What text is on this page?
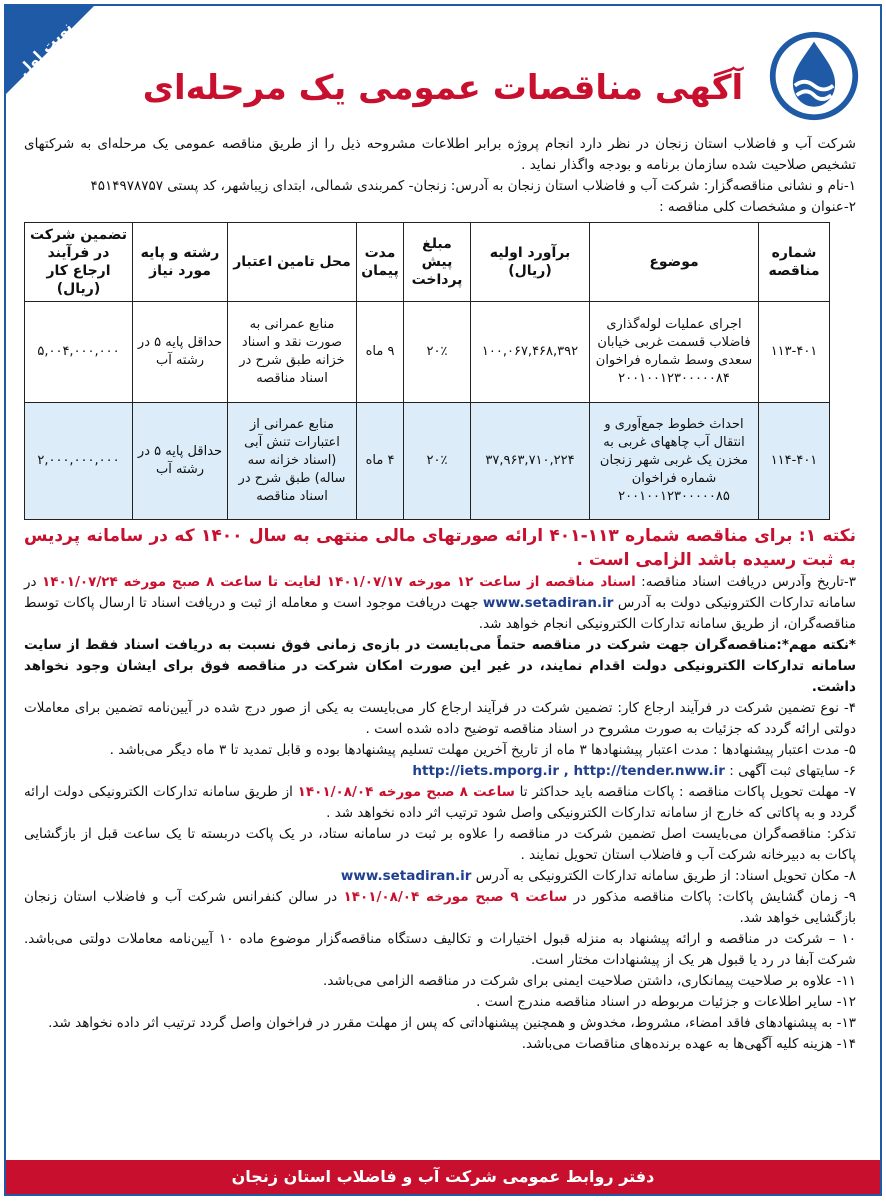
نوبت اول
آگهی مناقصات عمومی یک مرحله‌ای

شرکت آب و فاضلاب استان زنجان در نظر دارد انجام پروژه برابر اطلاعات مشروحه ذیل را از طریق مناقصه عمومی یک مرحله‌ای به شرکتهای تشخیص صلاحیت شده سازمان برنامه و بودجه واگذار نماید .

۱-نام و نشانی مناقصه‌گزار: شرکت آب و فاضلاب استان زنجان به آدرس: زنجان- کمربندی شمالی، ابتدای زیباشهر، کد پستی ۴۵۱۴۹۷۸۷۵۷

۲-عنوان و مشخصات کلی مناقصه :

شماره مناقصه	موضوع	برآورد اولیه (ریال)	مبلغ پیش پرداخت	مدت پیمان	محل تامین اعتبار	رشته و پایه مورد نیاز	تضمین شرکت در فرآیند ارجاع کار (ریال)
۱۱۳-۴۰۱	اجرای عملیات لوله‌گذاری فاضلاب قسمت غربی خیابان سعدی وسط شماره فراخوان ۲۰۰۱۰۰۱۲۳۰۰۰۰۰۸۴	۱۰۰,۰۶۷,۴۶۸,۳۹۲	۲۰٪	۹ ماه	منابع عمرانی به صورت نقد و اسناد خزانه طبق شرح در اسناد مناقصه	حداقل پایه ۵ در رشته آب	۵,۰۰۴,۰۰۰,۰۰۰
۱۱۴-۴۰۱	احداث خطوط جمع‌آوری و انتقال آب چاههای غربی به مخزن یک غربی شهر زنجان شماره فراخوان ۲۰۰۱۰۰۱۲۳۰۰۰۰۰۸۵	۳۷,۹۶۳,۷۱۰,۲۲۴	۲۰٪	۴ ماه	منابع عمرانی از اعتبارات تنش آبی (اسناد خزانه سه ساله) طبق شرح در اسناد مناقصه	حداقل پایه ۵ در رشته آب	۲,۰۰۰,۰۰۰,۰۰۰

نکته ۱: برای مناقصه شماره ۱۱۳-۴۰۱ ارائه صورتهای مالی منتهی به سال ۱۴۰۰ که در سامانه پردیس به ثبت رسیده باشد الزامی است .

۳-تاریخ وآدرس دریافت اسناد مناقصه: اسناد مناقصه از ساعت ۱۲ مورخه ۱۴۰۱/۰۷/۱۷ لغایت تا ساعت ۸ صبح مورخه ۱۴۰۱/۰۷/۲۴ در سامانه تدارکات الکترونیکی دولت به آدرس www.setadiran.ir جهت دریافت موجود است و معامله از ثبت و دریافت اسناد تا ارسال پاکات توسط مناقصه‌گران، از طریق سامانه تدارکات الکترونیکی انجام خواهد شد.

*نکته مهم*:مناقصه‌گران جهت شرکت در مناقصه حتماً می‌بایست در بازه‌ی زمانی فوق نسبت به دریافت اسناد فقط از سایت سامانه تدارکات الکترونیکی دولت اقدام نمایند، در غیر این صورت امکان شرکت در مناقصه فوق برای ایشان وجود نخواهد داشت.

۴- نوع تضمین شرکت در فرآیند ارجاع کار: تضمین شرکت در فرآیند ارجاع کار می‌بایست به یکی از صور درج شده در آیین‌نامه تضمین برای معاملات دولتی ارائه گردد که جزئیات به صورت مشروح در اسناد مناقصه توضیح داده شده است .

۵- مدت اعتبار پیشنهادها : مدت اعتبار پیشنهادها ۳ ماه از تاریخ آخرین مهلت تسلیم پیشنهادها بوده و قابل تمدید تا ۳ ماه دیگر می‌باشد .

۶- سایتهای ثبت آگهی : http://iets.mporg.ir , http://tender.nww.ir

۷- مهلت تحویل پاکات مناقصه : پاکات مناقصه باید حداکثر تا ساعت ۸ صبح مورخه ۱۴۰۱/۰۸/۰۴ از طریق سامانه تدارکات الکترونیکی دولت ارائه گردد و به پاکاتی که خارج از سامانه تدارکات الکترونیکی واصل شود ترتیب اثر داده نخواهد شد .

تذکر: مناقصه‌گران می‌بایست اصل تضمین شرکت در مناقصه را علاوه بر ثبت در سامانه ستاد، در یک پاکت دربسته تا یک ساعت قبل از بازگشایی پاکات به دبیرخانه شرکت آب و فاضلاب استان تحویل نمایند .

۸- مکان تحویل اسناد: از طریق سامانه تدارکات الکترونیکی به آدرس www.setadiran.ir

۹- زمان گشایش پاکات: پاکات مناقصه مذکور در ساعت ۹ صبح مورخه ۱۴۰۱/۰۸/۰۴ در سالن کنفرانس شرکت آب و فاضلاب استان زنجان بازگشایی خواهد شد.

۱۰ – شرکت در مناقصه و ارائه پیشنهاد به منزله قبول اختیارات و تکالیف دستگاه مناقصه‌گزار موضوع ماده ۱۰ آیین‌نامه معاملات دولتی می‌باشد. شرکت آبفا در رد یا قبول هر یک از پیشنهادات مختار است.

۱۱- علاوه بر صلاحیت پیمانکاری، داشتن صلاحیت ایمنی برای شرکت در مناقصه الزامی می‌باشد.

۱۲- سایر اطلاعات و جزئیات مربوطه در اسناد مناقصه مندرج است .

۱۳- به پیشنهادهای فاقد امضاء، مشروط، مخدوش و همچنین پیشنهاداتی که پس از مهلت مقرر در فراخوان واصل گردد ترتیب اثر داده نخواهد شد.

۱۴- هزینه کلیه آگهی‌ها به عهده برنده‌های مناقصات می‌باشد.

دفتر روابط عمومی شرکت آب و فاضلاب استان زنجان
